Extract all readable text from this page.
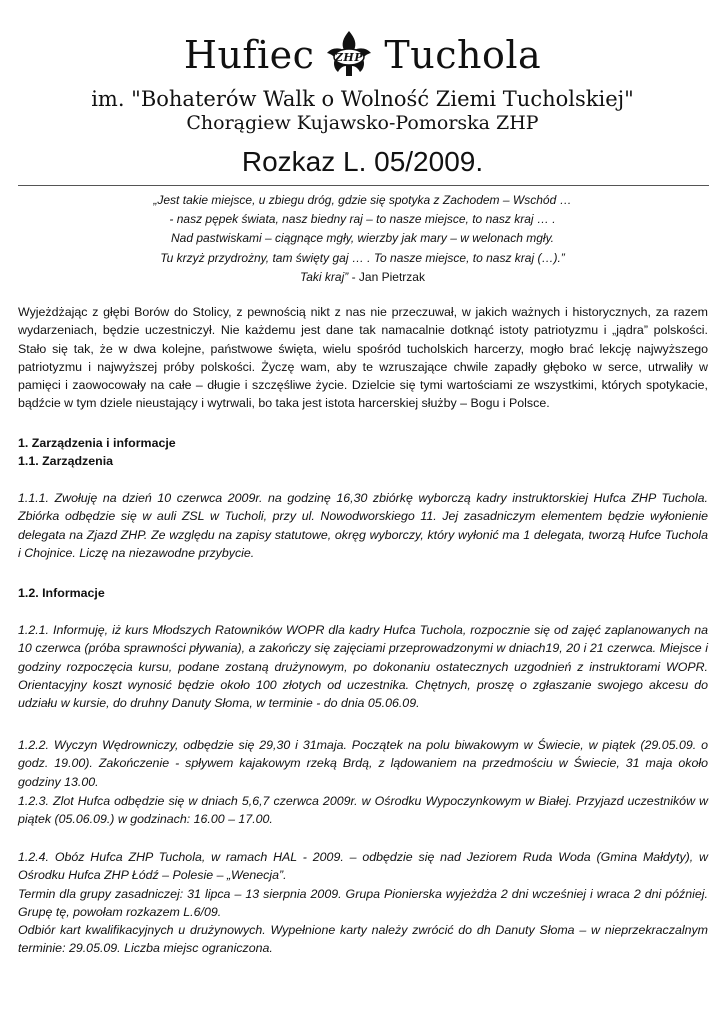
Hufiec ZHP Tuchola
im. "Bohaterów Walk o Wolność Ziemi Tucholskiej"
Chorągiew Kujawsko-Pomorska ZHP
Rozkaz L. 05/2009.
„Jest takie miejsce, u zbiegu dróg, gdzie się spotyka z Zachodem – Wschód …
- nasz pępek świata, nasz biedny raj – to nasze miejsce, to nasz kraj … .
Nad pastwiskami – ciągnące mgły, wierzby jak mary – w welonach mgły.
Tu krzyż przydrożny, tam święty gaj … . To nasze miejsce, to nasz kraj (…).”
Taki kraj” - Jan Pietrzak

Wyjeżdżając z głębi Borów do Stolicy, z pewnością nikt z nas nie przeczuwał, w jakich ważnych i historycznych, za razem wydarzeniach, będzie uczestniczył. Nie każdemu jest dane tak namacalnie dotknąć istoty patriotyzmu i „jądra” polskości. Stało się tak, że w dwa kolejne, państwowe święta, wielu spośród tucholskich harcerzy, mogło brać lekcję najwyższego patriotyzmu i najwyższej próby polskości. Życzę wam, aby te wzruszające chwile zapadły głęboko w serce, utrwaliły w pamięci i zaowocowały na całe – długie i szczęśliwe życie. Dzielcie się tymi wartościami ze wszystkimi, których spotykacie, bądźcie w tym dziele nieustający i wytrwali, bo taka jest istota harcerskiej służby – Bogu i Polsce.

1. Zarządzenia i informacje
1.1. Zarządzenia

1.1.1. Zwołuję na dzień 10 czerwca 2009r. na godzinę 16,30 zbiórkę wyborczą kadry instruktorskiej Hufca ZHP Tuchola. Zbiórka odbędzie się w auli ZSL w Tucholi, przy ul. Nowodworskiego 11. Jej zasadniczym elementem będzie wyłonienie delegata na Zjazd ZHP. Ze względu na zapisy statutowe, okręg wyborczy, który wyłonić ma 1 delegata, tworzą Hufce Tuchola i Chojnice. Liczę na niezawodne przybycie.

1.2. Informacje

1.2.1. Informuję, iż kurs Młodszych Ratowników WOPR dla kadry Hufca Tuchola, rozpocznie się od zajęć zaplanowanych na 10 czerwca (próba sprawności pływania), a zakończy się zajęciami przeprowadzonymi w dniach19, 20 i 21 czerwca. Miejsce i godziny rozpoczęcia kursu, podane zostaną drużynowym, po dokonaniu ostatecznych uzgodnień z instruktorami WOPR. Orientacyjny koszt wynosić będzie około 100 złotych od uczestnika. Chętnych, proszę o zgłaszanie swojego akcesu do udziału w kursie, do druhny Danuty Słoma, w terminie - do dnia 05.06.09.

1.2.2. Wyczyn Wędrowniczy, odbędzie się 29,30 i 31maja. Początek na polu biwakowym w Świecie, w piątek (29.05.09. o godz. 19.00). Zakończenie - spływem kajakowym rzeką Brdą, z lądowaniem na przedmościu w Świecie, 31 maja około godziny 13.00.

1.2.3. Zlot Hufca odbędzie się w dniach 5,6,7 czerwca 2009r. w Ośrodku Wypoczynkowym w Białej. Przyjazd uczestników w piątek (05.06.09.) w godzinach: 16.00 – 17.00.

1.2.4. Obóz Hufca ZHP Tuchola, w ramach HAL - 2009. – odbędzie się nad Jeziorem Ruda Woda (Gmina Małdyty), w Ośrodku Hufca ZHP Łódź – Polesie – „Wenecja”.

Termin dla grupy zasadniczej: 31 lipca – 13 sierpnia 2009. Grupa Pionierska wyjeżdża 2 dni wcześniej i wraca 2 dni później. Grupę tę, powołam rozkazem L.6/09.

Odbiór kart kwalifikacyjnych u drużynowych. Wypełnione karty należy zwrócić do dh Danuty Słoma – w nieprzekraczalnym terminie: 29.05.09. Liczba miejsc ograniczona.
